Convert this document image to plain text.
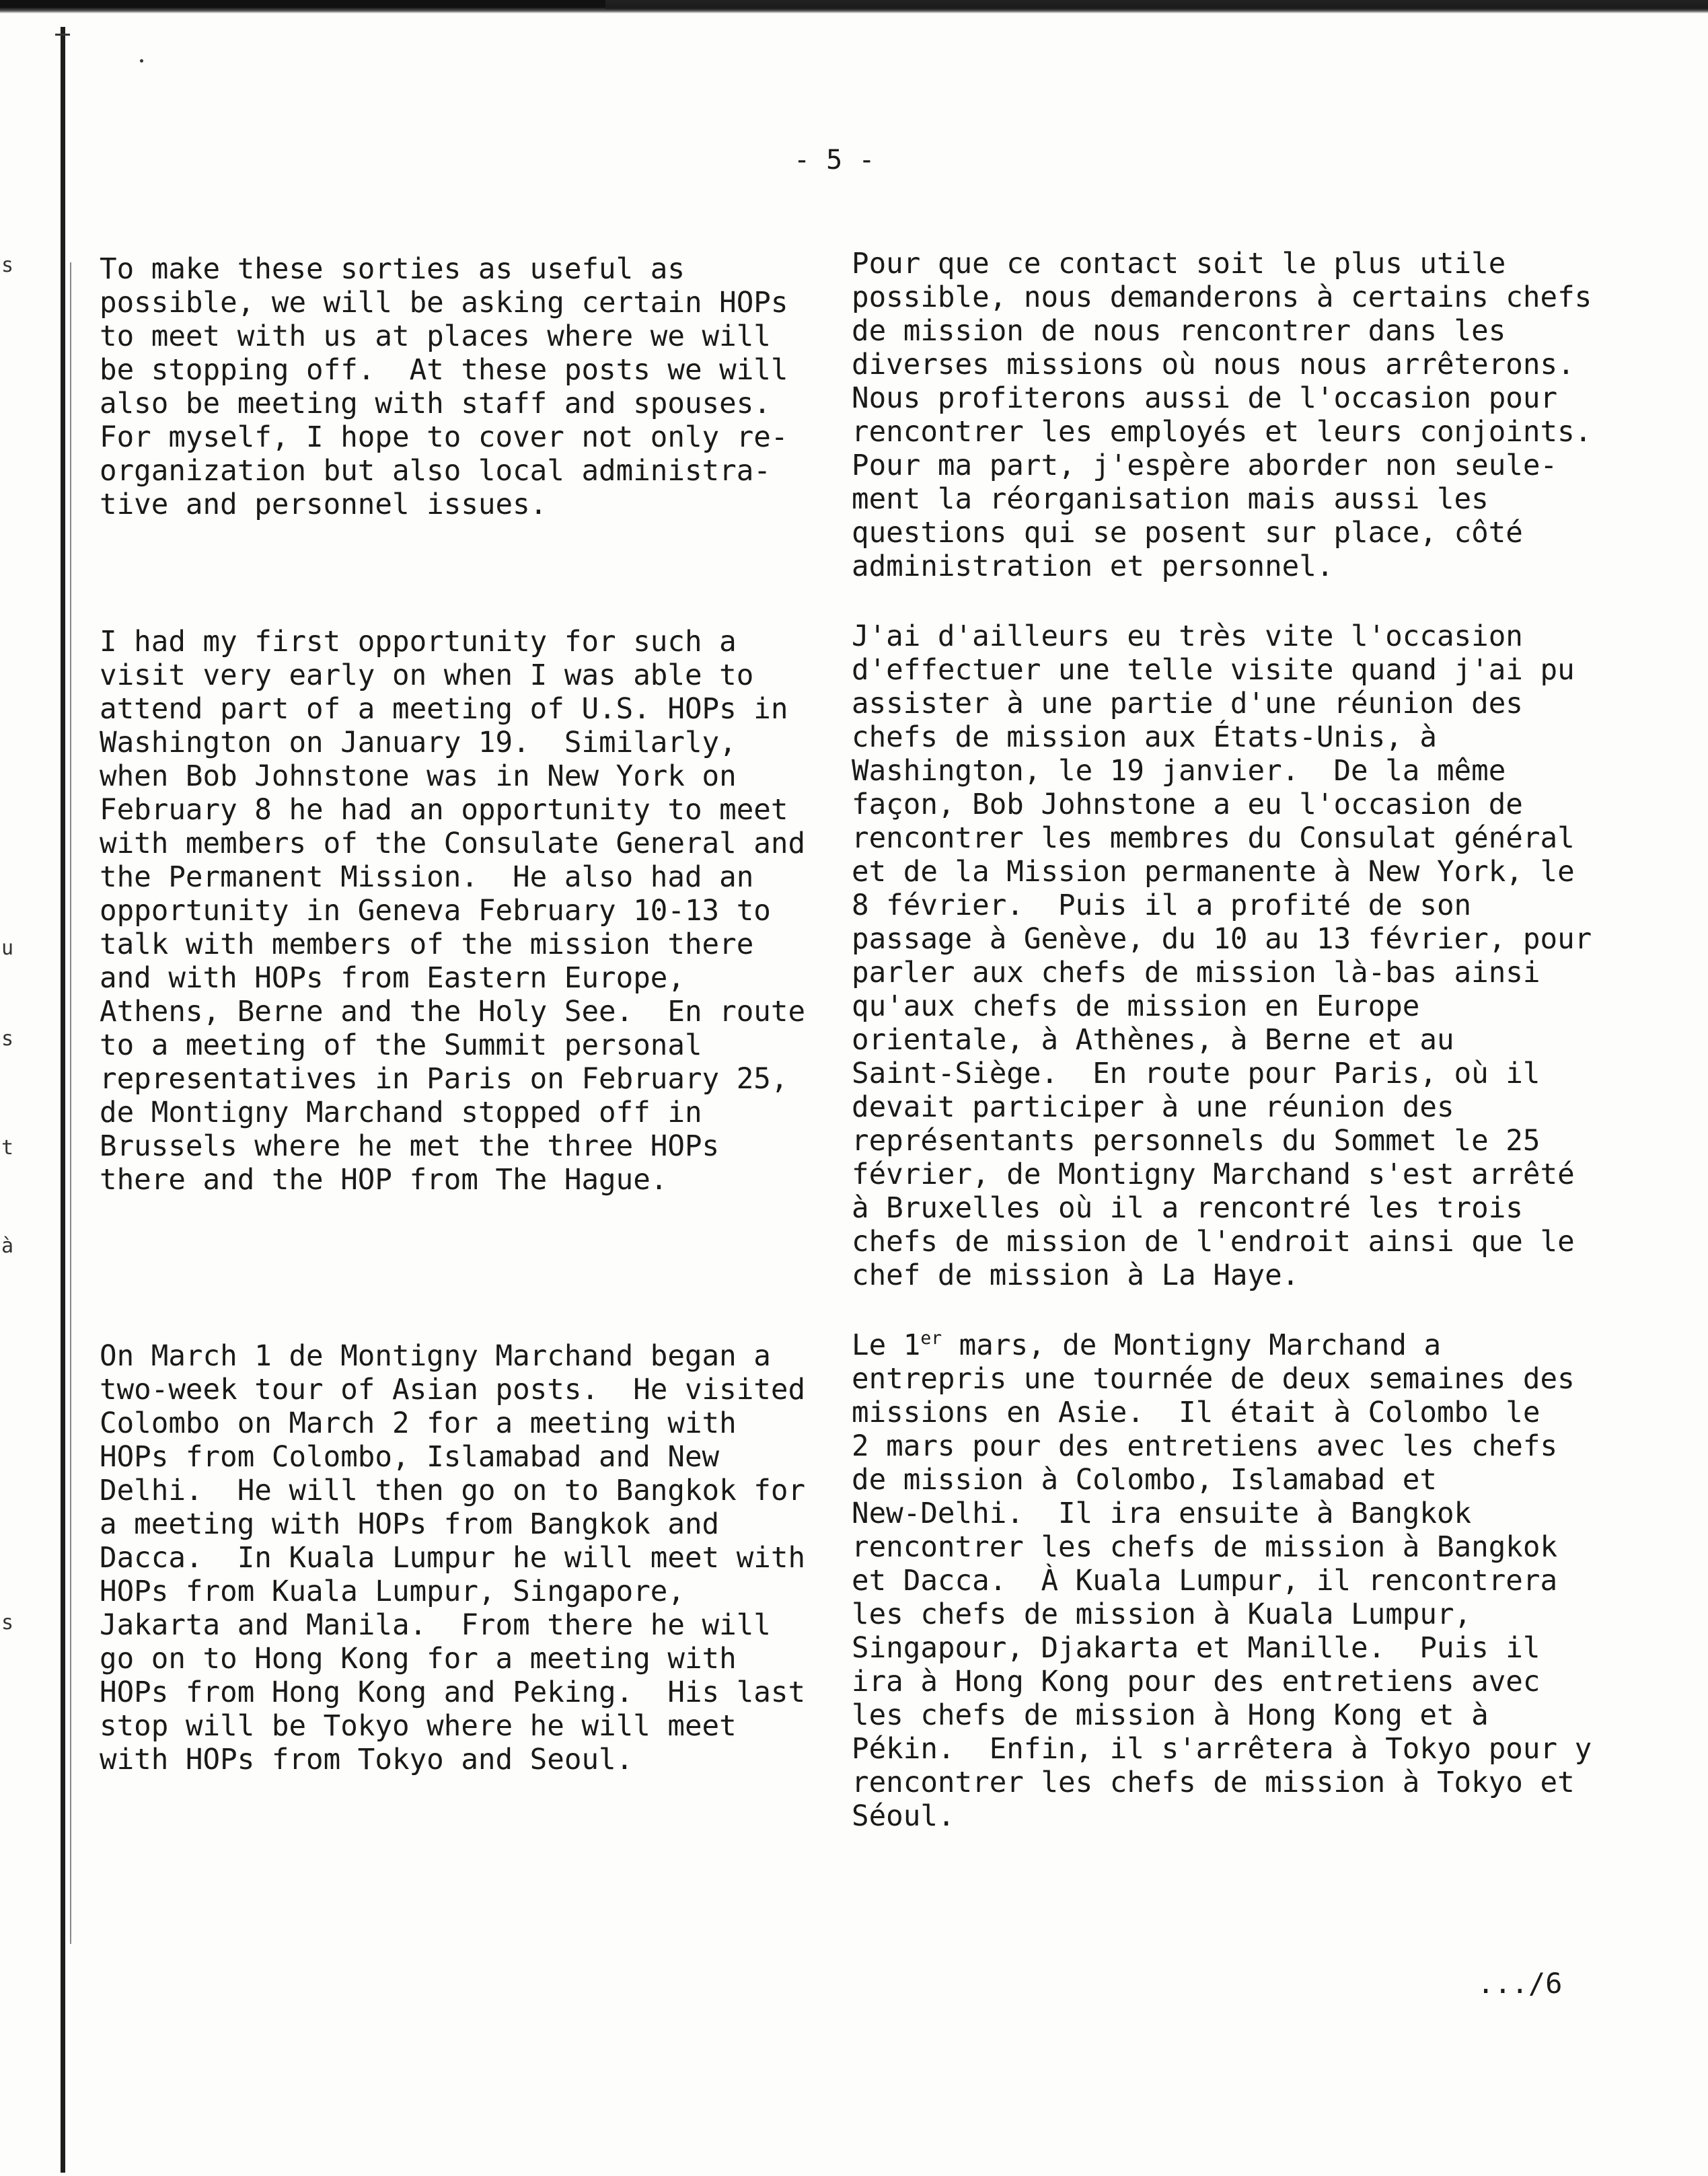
s
u
s
t
à
s
- 5 -

To make these sorties as useful as
possible, we will be asking certain HOPs
to meet with us at places where we will
be stopping off.  At these posts we will
also be meeting with staff and spouses.
For myself, I hope to cover not only re-
organization but also local administra-
tive and personnel issues.

I had my first opportunity for such a
visit very early on when I was able to
attend part of a meeting of U.S. HOPs in
Washington on January 19.  Similarly,
when Bob Johnstone was in New York on
February 8 he had an opportunity to meet
with members of the Consulate General and
the Permanent Mission.  He also had an
opportunity in Geneva February 10-13 to
talk with members of the mission there
and with HOPs from Eastern Europe,
Athens, Berne and the Holy See.  En route
to a meeting of the Summit personal
representatives in Paris on February 25,
de Montigny Marchand stopped off in
Brussels where he met the three HOPs
there and the HOP from The Hague.

On March 1 de Montigny Marchand began a
two-week tour of Asian posts.  He visited
Colombo on March 2 for a meeting with
HOPs from Colombo, Islamabad and New
Delhi.  He will then go on to Bangkok for
a meeting with HOPs from Bangkok and
Dacca.  In Kuala Lumpur he will meet with
HOPs from Kuala Lumpur, Singapore,
Jakarta and Manila.  From there he will
go on to Hong Kong for a meeting with
HOPs from Hong Kong and Peking.  His last
stop will be Tokyo where he will meet
with HOPs from Tokyo and Seoul.

Pour que ce contact soit le plus utile
possible, nous demanderons à certains chefs
de mission de nous rencontrer dans les
diverses missions où nous nous arrêterons.
Nous profiterons aussi de l'occasion pour
rencontrer les employés et leurs conjoints.
Pour ma part, j'espère aborder non seule-
ment la réorganisation mais aussi les
questions qui se posent sur place, côté
administration et personnel.

J'ai d'ailleurs eu très vite l'occasion
d'effectuer une telle visite quand j'ai pu
assister à une partie d'une réunion des
chefs de mission aux États-Unis, à
Washington, le 19 janvier.  De la même
façon, Bob Johnstone a eu l'occasion de
rencontrer les membres du Consulat général
et de la Mission permanente à New York, le
8 février.  Puis il a profité de son
passage à Genève, du 10 au 13 février, pour
parler aux chefs de mission là-bas ainsi
qu'aux chefs de mission en Europe
orientale, à Athènes, à Berne et au
Saint-Siège.  En route pour Paris, où il
devait participer à une réunion des
représentants personnels du Sommet le 25
février, de Montigny Marchand s'est arrêté
à Bruxelles où il a rencontré les trois
chefs de mission de l'endroit ainsi que le
chef de mission à La Haye.

Le 1er mars, de Montigny Marchand a
entrepris une tournée de deux semaines des
missions en Asie.  Il était à Colombo le
2 mars pour des entretiens avec les chefs
de mission à Colombo, Islamabad et
New-Delhi.  Il ira ensuite à Bangkok
rencontrer les chefs de mission à Bangkok
et Dacca.  À Kuala Lumpur, il rencontrera
les chefs de mission à Kuala Lumpur,
Singapour, Djakarta et Manille.  Puis il
ira à Hong Kong pour des entretiens avec
les chefs de mission à Hong Kong et à
Pékin.  Enfin, il s'arrêtera à Tokyo pour y
rencontrer les chefs de mission à Tokyo et
Séoul.

.../6
